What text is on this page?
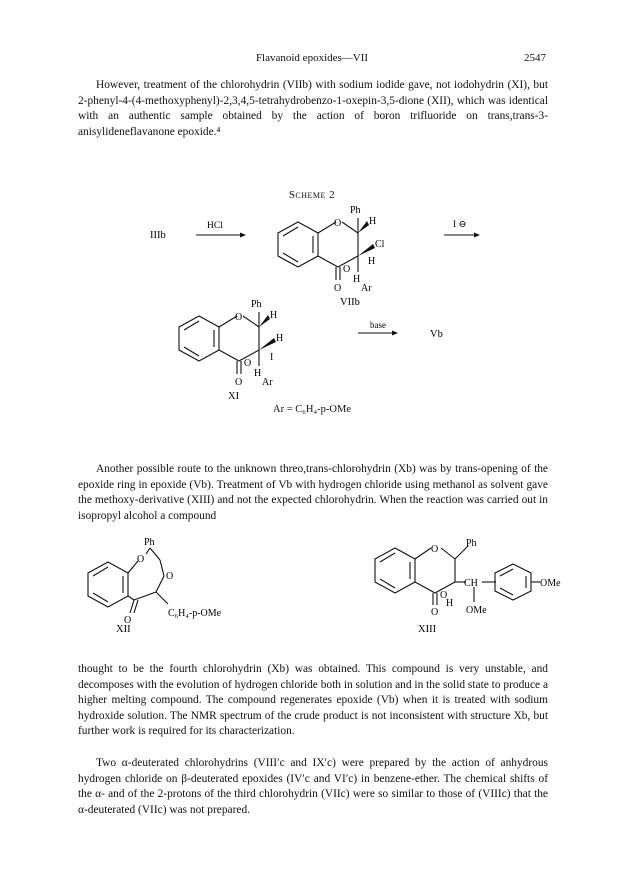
Flavanoid epoxides—VII	2547

However, treatment of the chlorohydrin (VIIb) with sodium iodide gave, not iodohydrin (XI), but 2-phenyl-4-(4-methoxyphenyl)-2,3,4,5-tetrahydrobenzo-1-oxepin-3,5-dione (XII), which was identical with an authentic sample obtained by the action of boron trifluoride on trans,trans-3-anisylideneflavanone epoxide.⁴

Scheme 2
IIIb
HCl	O
Ph
H
Cl
H
O
H
Ar
O
VIIb
I ⊖
O
Ph
H
H
I
O
H
Ar
O
XI
base
Vb
Ar = C₆H₄-p-OMe

Another possible route to the unknown threo,trans-chlorohydrin (Xb) was by trans-opening of the epoxide ring in epoxide (Vb). Treatment of Vb with hydrogen chloride using methanol as solvent gave the methoxy-derivative (XIII) and not the expected chlorohydrin. When the reaction was carried out in isopropyl alcohol a compound

O
Ph
O
O
C₆H₄-p-OMe
XII
O
Ph
CH	OMe
O
H
O
OMe
XIII

thought to be the fourth chlorohydrin (Xb) was obtained. This compound is very unstable, and decomposes with the evolution of hydrogen chloride both in solution and in the solid state to produce a higher melting compound. The compound regenerates epoxide (Vb) when it is treated with sodium hydroxide solution. The NMR spectrum of the crude product is not inconsistent with structure Xb, but further work is required for its characterization.

Two α-deuterated chlorohydrins (VIII′c and IX′c) were prepared by the action of anhydrous hydrogen chloride on β-deuterated epoxides (IV′c and VI′c) in benzene-ether. The chemical shifts of the α- and of the 2-protons of the third chlorohydrin (VIIc) were so similar to those of (VIIIc) that the α-deuterated (VIIc) was not prepared.
